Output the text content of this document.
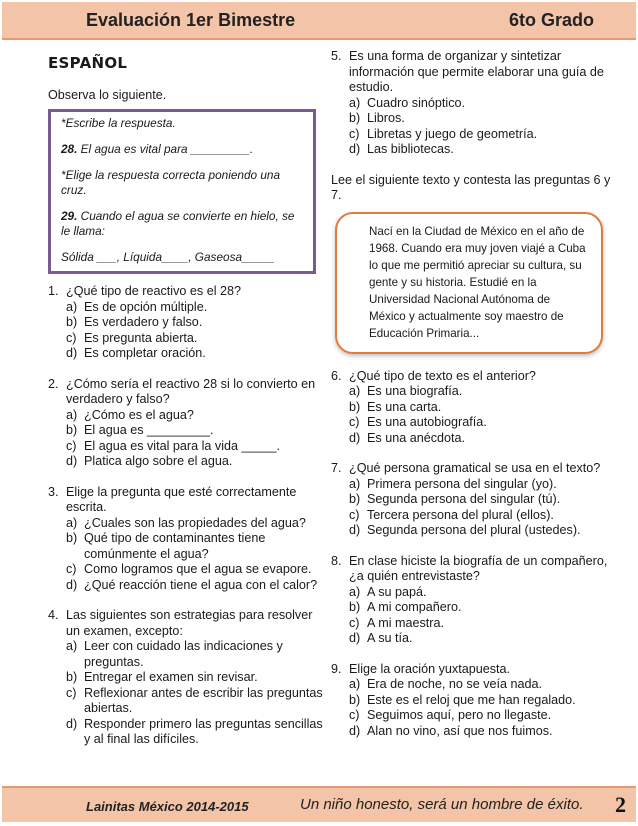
Evaluación 1er Bimestre	6to Grado
ESPAÑOL
Observa lo siguiente.

*Escribe la respuesta.

28. El agua es vital para _________.

*Elige la respuesta correcta poniendo una cruz.

29. Cuando el agua se convierte en hielo, se le llama:

Sólida ___, Líquida____, Gaseosa_____

1. ¿Qué tipo de reactivo es el 28?
a) Es de opción múltiple.
b) Es verdadero y falso.
c) Es pregunta abierta.
d) Es completar oración.
2. ¿Cómo sería el reactivo 28 si lo convierto en verdadero y falso?
a) ¿Cómo es el agua?
b) El agua es _________.
c) El agua es vital para la vida _____.
d) Platica algo sobre el agua.
3. Elige la pregunta que esté correctamente escrita.
a) ¿Cuales son las propiedades del agua?
b) Qué tipo de contaminantes tiene comúnmente el agua?
c) Como logramos que el agua se evapore.
d) ¿Qué reacción tiene el agua con el calor?
4. Las siguientes son estrategias para resolver un examen, excepto:
a) Leer con cuidado las indicaciones y preguntas.
b) Entregar el examen sin revisar.
c) Reflexionar antes de escribir las preguntas abiertas.
d) Responder primero las preguntas sencillas y al final las difíciles.
5. Es una forma de organizar y sintetizar información que permite elaborar una guía de estudio.
a) Cuadro sinóptico.
b) Libros.
c) Libretas y juego de geometría.
d) Las bibliotecas.
Lee el siguiente texto y contesta las preguntas 6 y 7.
Nací en la Ciudad de México en el año de 1968. Cuando era muy joven viajé a Cuba lo que me permitió apreciar su cultura, su gente y su historia. Estudié en la Universidad Nacional Autónoma de México y actualmente soy maestro de Educación Primaria...
6. ¿Qué tipo de texto es el anterior?
a) Es una biografía.
b) Es una carta.
c) Es una autobiografía.
d) Es una anécdota.
7. ¿Qué persona gramatical se usa en el texto?
a) Primera persona del singular (yo).
b) Segunda persona del singular (tú).
c) Tercera persona del plural (ellos).
d) Segunda persona del plural (ustedes).
8. En clase hiciste la biografía de un compañero, ¿a quién entrevistaste?
a) A su papá.
b) A mi compañero.
c) A mi maestra.
d) A su tía.
9. Elige la oración yuxtapuesta.
a) Era de noche, no se veía nada.
b) Este es el reloj que me han regalado.
c) Seguimos aquí, pero no llegaste.
d) Alan no vino, así que nos fuimos.
Lainitas México 2014-2015	Un niño honesto, será un hombre de éxito. 2
